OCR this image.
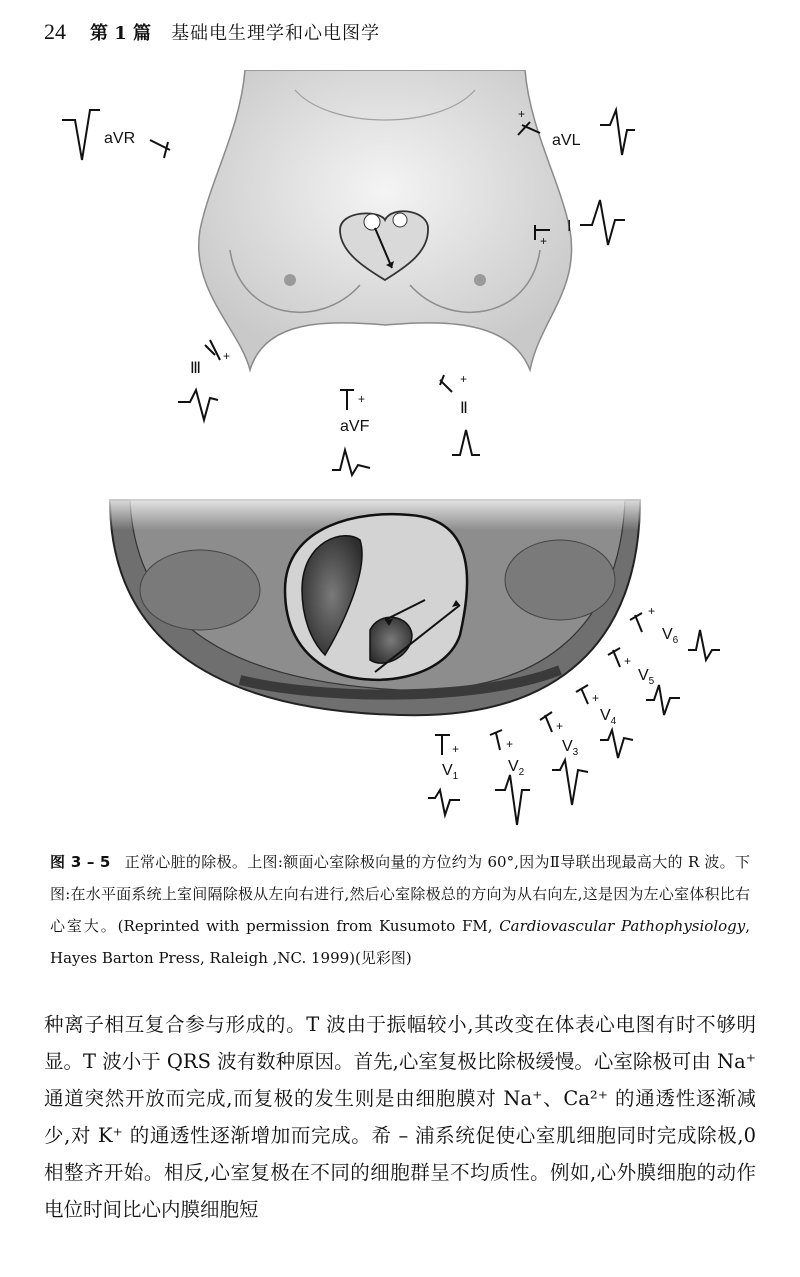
24 第 1 篇 基础电生理学和心电图学
+
+
+
+
+
+	+
+
+
+
+
aVR	aVL
I
Ⅲ
aVF
Ⅱ
$V_1$
$V_2$
$V_3$
$V_4$
$V_5$
$V_6$
图 3 – 5 正常心脏的除极。上图:额面心室除极向量的方位约为 60°,因为Ⅱ导联出现最高大的 R 波。下图:在水平面系统上室间隔除极从左向右进行,然后心室除极总的方向为从右向左,这是因为左心室体积比右心室大。(Reprinted with permission from Kusumoto FM, Cardiovascular Pathophysiology, Hayes Barton Press, Raleigh ,NC. 1999)(见彩图)

种离子相互复合参与形成的。T 波由于振幅较小,其改变在体表心电图有时不够明显。T 波小于 QRS 波有数种原因。首先,心室复极比除极缓慢。心室除极可由 Na⁺ 通道突然开放而完成,而复极的发生则是由细胞膜对 Na⁺、Ca²⁺ 的通透性逐渐减少,对 K⁺ 的通透性逐渐增加而完成。希 – 浦系统促使心室肌细胞同时完成除极,0 相整齐开始。相反,心室复极在不同的细胞群呈不均质性。例如,心外膜细胞的动作电位时间比心内膜细胞短
